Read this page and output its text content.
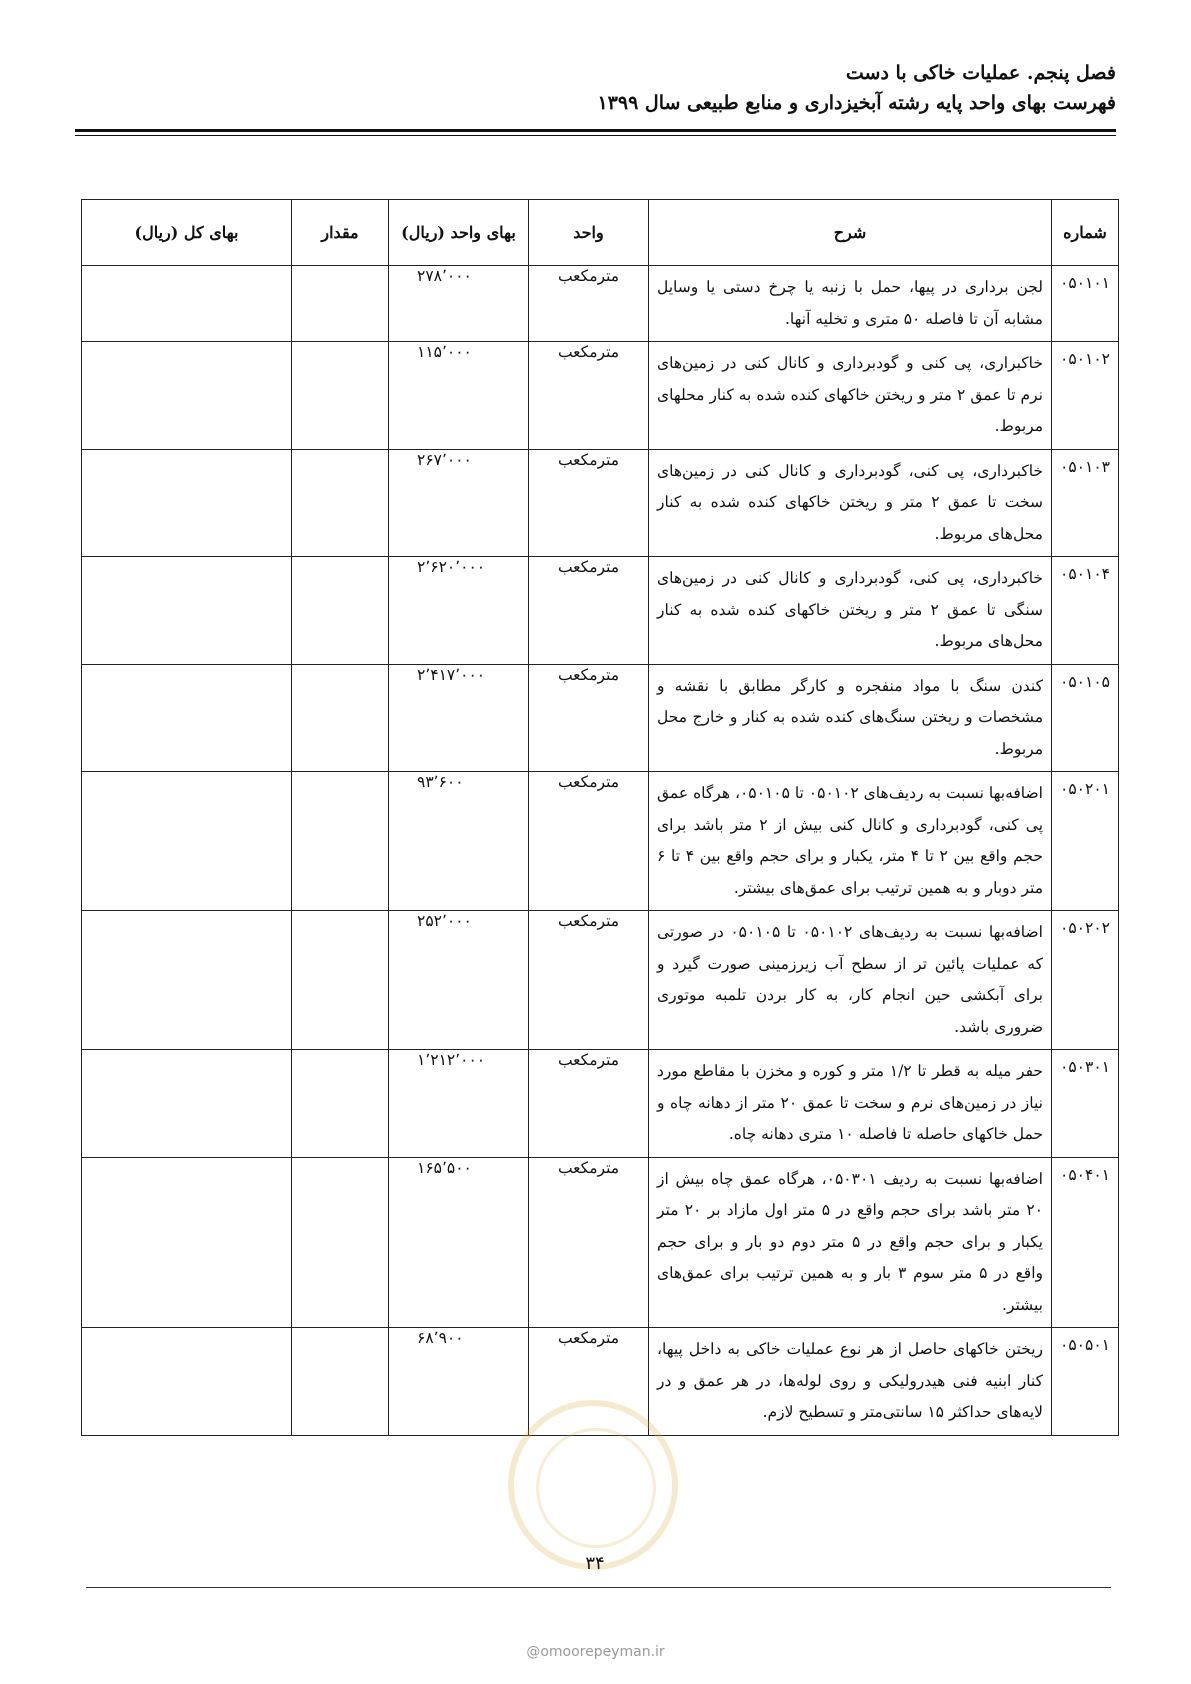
فصل پنجم. عملیات خاکی با دست
فهرست بهای واحد پایه رشته آبخیزداری و منابع طبیعی سال ۱۳۹۹
شماره	شرح	واحد	بهای واحد (ریال)	مقدار	بهای کل (ریال)
۰۵۰۱۰۱	لجن برداری در پیها، حمل با زنبه یا چرخ دستی یا وسایل مشابه آن تا فاصله ۵۰ متری و تخلیه آنها.	مترمکعب	۲۷۸٬۰۰۰		
۰۵۰۱۰۲	خاکبراری، پی کنی و گودبرداری و کانال کنی در زمین‌های نرم تا عمق ۲ متر و ریختن خاکهای کنده شده به کنار محلهای مربوط.	مترمکعب	۱۱۵٬۰۰۰		
۰۵۰۱۰۳	خاکبرداری، پی کنی، گودبرداری و کانال کنی در زمین‌های سخت تا عمق ۲ متر و ریختن خاکهای کنده شده به کنار محل‌های مربوط.	مترمکعب	۲۶۷٬۰۰۰		
۰۵۰۱۰۴	خاکبرداری، پی کنی، گودبرداری و کانال کنی در زمین‌های سنگی تا عمق ۲ متر و ریختن خاکهای کنده شده به کنار محل‌های مربوط.	مترمکعب	۲٬۶۲۰٬۰۰۰		
۰۵۰۱۰۵	کندن سنگ با مواد منفجره و کارگر مطابق با نقشه و مشخصات و ریختن سنگ‌های کنده شده به کنار و خارج محل مربوط.	مترمکعب	۲٬۴۱۷٬۰۰۰		
۰۵۰۲۰۱	اضافه‌بها نسبت به ردیف‌های ۰۵۰۱۰۲ تا ۰۵۰۱۰۵، هرگاه عمق پی کنی، گودبرداری و کانال کنی بیش از ۲ متر باشد برای حجم واقع بین ۲ تا ۴ متر، یکبار و برای حجم واقع بین ۴ تا ۶ متر دوبار و به همین ترتیب برای عمق‌های بیشتر.	مترمکعب	۹۳٬۶۰۰		
۰۵۰۲۰۲	اضافه‌بها نسبت به ردیف‌های ۰۵۰۱۰۲ تا ۰۵۰۱۰۵ در صورتی که عملیات پائین تر از سطح آب زیرزمینی صورت گیرد و برای آبکشی حین انجام کار، به کار بردن تلمبه موتوری ضروری باشد.	مترمکعب	۲۵۲٬۰۰۰		
۰۵۰۳۰۱	حفر میله به قطر تا ۱/۲ متر و کوره و مخزن با مقاطع مورد نیاز در زمین‌های نرم و سخت تا عمق ۲۰ متر از دهانه چاه و حمل خاکهای حاصله تا فاصله ۱۰ متری دهانه چاه.	مترمکعب	۱٬۲۱۲٬۰۰۰		
۰۵۰۴۰۱	اضافه‌بها نسبت به ردیف ۰۵۰۳۰۱، هرگاه عمق چاه بیش از ۲۰ متر باشد برای حجم واقع در ۵ متر اول مازاد بر ۲۰ متر یکبار و برای حجم واقع در ۵ متر دوم دو بار و برای حجم واقع در ۵ متر سوم ۳ بار و به همین ترتیب برای عمق‌های بیشتر.	مترمکعب	۱۶۵٬۵۰۰		
۰۵۰۵۰۱	ریختن خاکهای حاصل از هر نوع عملیات خاکی به داخل پیها، کنار ابنیه فنی هیدرولیکی و روی لوله‌ها، در هر عمق و در لایه‌های حداکثر ۱۵ سانتی‌متر و تسطیح لازم.	مترمکعب	۶۸٬۹۰۰		
۳۴
@omoorepeyman.ir
